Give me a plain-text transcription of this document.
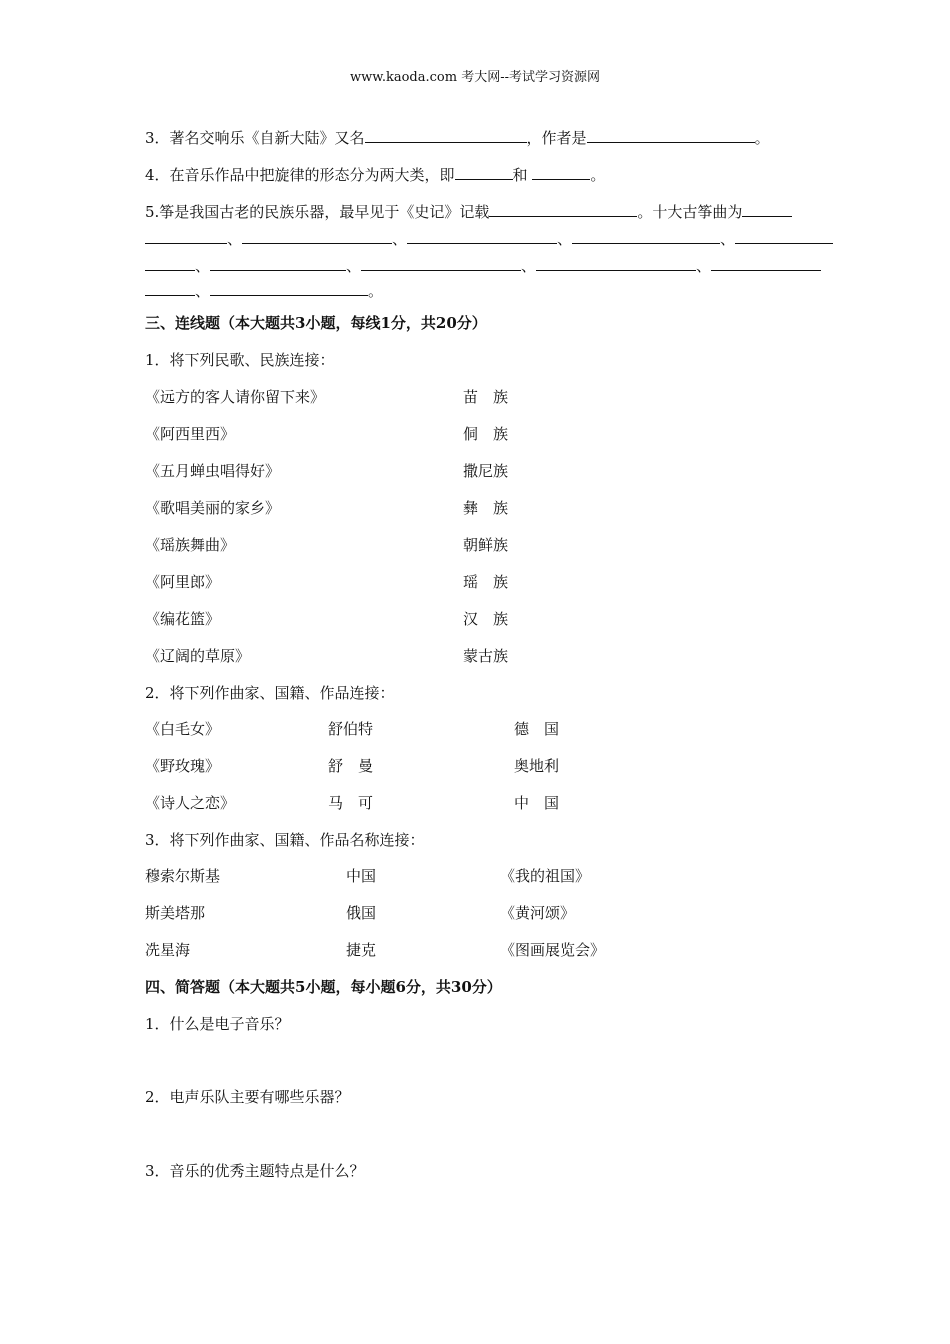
www.kaoda.com 考大网--考试学习资源网
3．著名交响乐《自新大陆》又名	，作者是	。
4．在音乐作品中把旋律的形态分为两大类，即	和	。
5.筝是我国古老的民族乐器，最早见于《史记》记载	。十大古筝曲为
、	、	、	、
、	、	、	、
、	。
三、连线题（本大题共3小题，每线1分，共20分）
1．将下列民歌、民族连接：
《远方的客人请你留下来》	苗　族
《阿西里西》	侗　族
《五月蝉虫唱得好》	撒尼族
《歌唱美丽的家乡》	彝　族
《瑶族舞曲》	朝鲜族
《阿里郎》	瑶　族
《编花篮》	汉　族
《辽阔的草原》	蒙古族
2．将下列作曲家、国籍、作品连接：
《白毛女》	舒伯特	德　国
《野玫瑰》	舒　曼	奥地利
《诗人之恋》	马　可	中　国
3．将下列作曲家、国籍、作品名称连接：
穆索尔斯基	中国	《我的祖国》
斯美塔那	俄国	《黄河颂》
冼星海	捷克	《图画展览会》
四、简答题（本大题共5小题，每小题6分，共30分）
1．什么是电子音乐？
2．电声乐队主要有哪些乐器？
3．音乐的优秀主题特点是什么？
